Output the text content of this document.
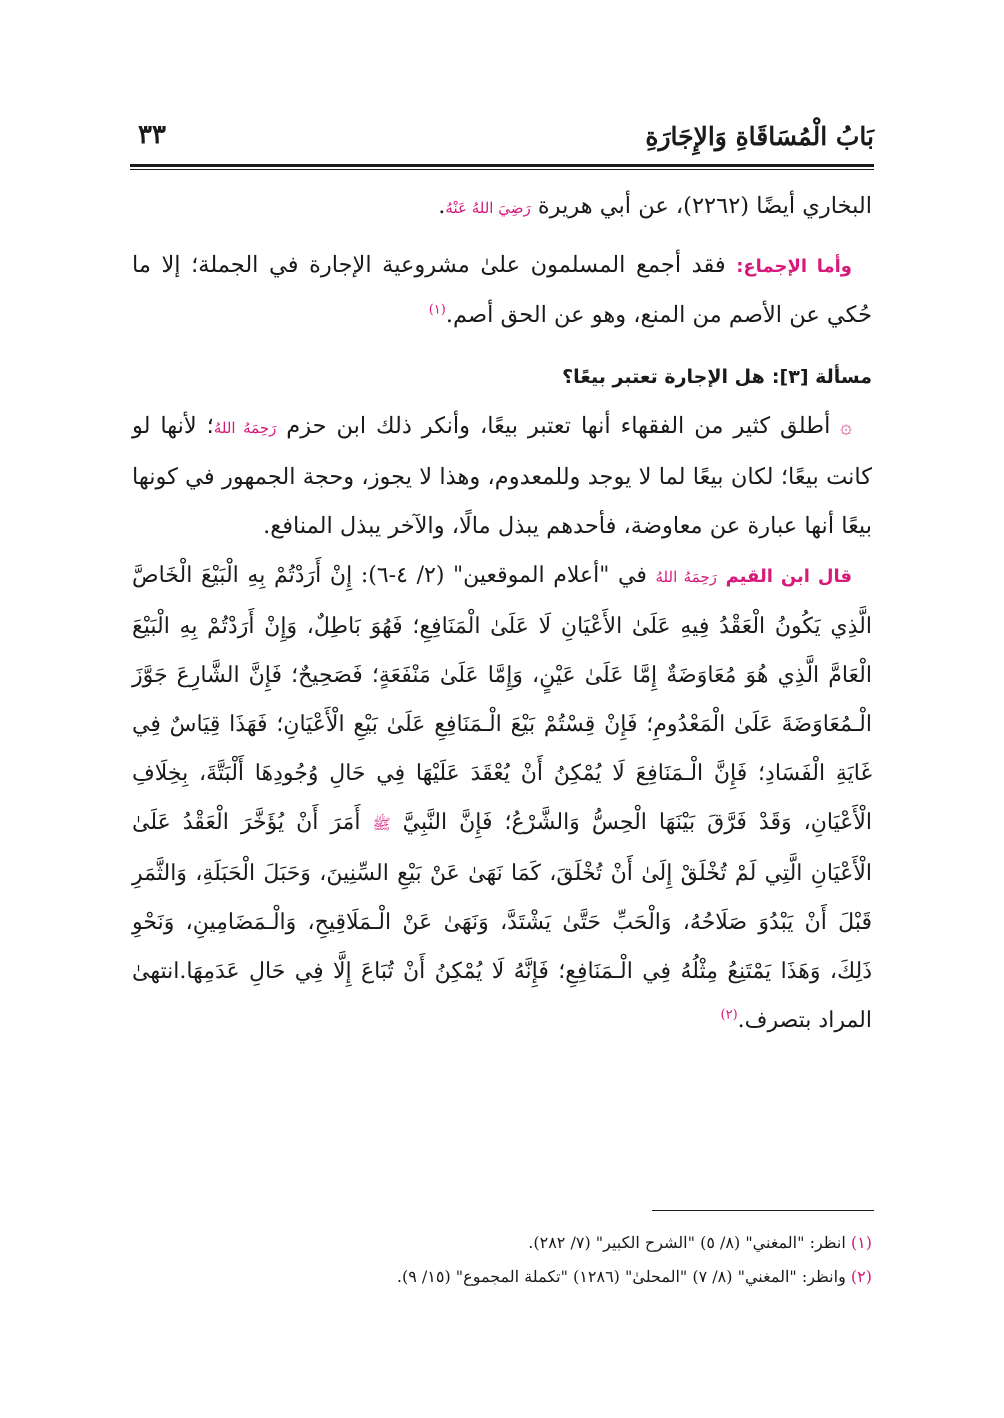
بَابُ الْمُسَاقَاةِ وَالإِجَارَةِ
٣٣

البخاري أيضًا (٢٢٦٢)، عن أبي هريرة رَضِيَ اللهُ عَنْهُ.

وأما الإجماع: فقد أجمع المسلمون علىٰ مشروعية الإجارة في الجملة؛ إلا ما حُكي عن الأصم من المنع، وهو عن الحق أصم.$^{(١)}$

مسألة [٣]: هل الإجارة تعتبر بيعًا؟

۞ أطلق كثير من الفقهاء أنها تعتبر بيعًا، وأنكر ذلك ابن حزم رَحِمَهُ اللهُ؛ لأنها لو كانت بيعًا؛ لكان بيعًا لما لا يوجد وللمعدوم، وهذا لا يجوز، وحجة الجمهور في كونها بيعًا أنها عبارة عن معاوضة، فأحدهم يبذل مالًا، والآخر يبذل المنافع.

قال ابن القيم رَحِمَهُ اللهُ في "أعلام الموقعين" (٢/ ٤-٦): إِنْ أَرَدْتُمْ بِهِ الْبَيْعَ الْخَاصَّ الَّذِي يَكُونُ الْعَقْدُ فِيهِ عَلَىٰ الأَعْيَانِ لَا عَلَىٰ الْمَنَافِعِ؛ فَهُوَ بَاطِلٌ، وَإِنْ أَرَدْتُمْ بِهِ الْبَيْعَ الْعَامَّ الَّذِي هُوَ مُعَاوَضَةٌ إِمَّا عَلَىٰ عَيْنٍ، وَإِمَّا عَلَىٰ مَنْفَعَةٍ؛ فَصَحِيحٌ؛ فَإِنَّ الشَّارِعَ جَوَّزَ الْـمُعَاوَضَةَ عَلَىٰ الْمَعْدُومِ؛ فَإِنْ قِسْتُمْ بَيْعَ الْـمَنَافِعِ عَلَىٰ بَيْعِ الْأَعْيَانِ؛ فَهَذَا قِيَاسٌ فِي غَايَةِ الْفَسَادِ؛ فَإِنَّ الْـمَنَافِعَ لَا يُمْكِنُ أَنْ يُعْقَدَ عَلَيْهَا فِي حَالِ وُجُودِهَا أَلْبَتَّةَ، بِخِلَافِ الْأَعْيَانِ، وَقَدْ فَرَّقَ بَيْنَهَا الْحِسُّ وَالشَّرْعُ؛ فَإِنَّ النَّبِيَّ ﷺ أَمَرَ أَنْ يُؤَخَّرَ الْعَقْدُ عَلَىٰ الْأَعْيَانِ الَّتِي لَمْ تُخْلَقْ إِلَىٰ أَنْ تُخْلَقَ، كَمَا نَهَىٰ عَنْ بَيْعِ السِّنِينَ، وَحَبَلَ الْحَبَلَةِ، وَالثَّمَرِ قَبْلَ أَنْ يَبْدُوَ صَلَاحُهُ، وَالْحَبِّ حَتَّىٰ يَشْتَدَّ، وَنَهَىٰ عَنْ الْـمَلَاقِيحِ، وَالْـمَضَامِينِ، وَنَحْوِ ذَلِكَ، وَهَذَا يَمْتَنِعُ مِثْلُهُ فِي الْـمَنَافِعِ؛ فَإِنَّهُ لَا يُمْكِنُ أَنْ تُبَاعَ إِلَّا فِي حَالِ عَدَمِهَا.انتهىٰ المراد بتصرف.$^{(٢)}$

(١) انظر: "المغني" (٨/ ٥) "الشرح الكبير" (٧/ ٢٨٢).

(٢) وانظر: "المغني" (٨/ ٧) "المحلىٰ" (١٢٨٦) "تكملة المجموع" (١٥/ ٩).
